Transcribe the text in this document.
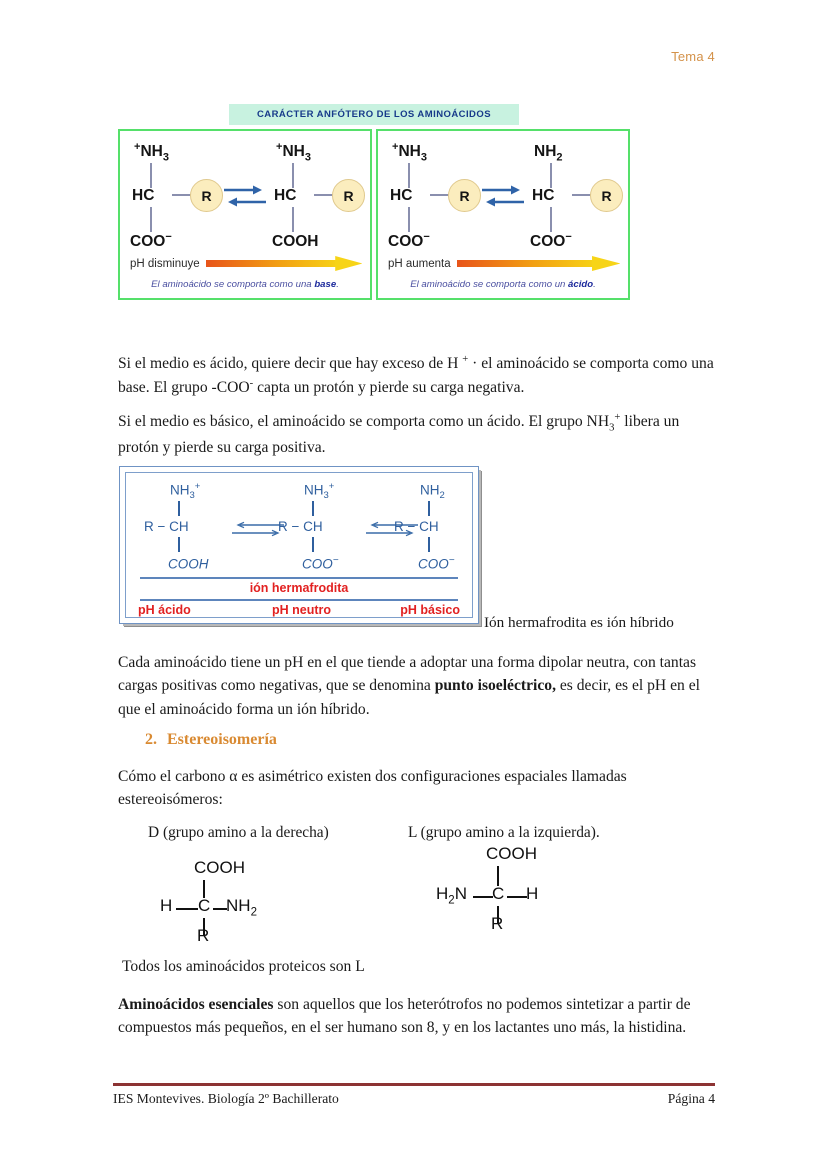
Tema 4
CARÁCTER ANFÓTERO DE LOS AMINOÁCIDOS
$^+NH_3$
HC	R
COO−
$^+NH_3$
HC	R
COOH
pH disminuye
El aminoácido se comporta como una base.
$^+NH_3$
HC	R
COO−
$NH_2$
HC	R
COO−
pH aumenta
El aminoácido se comporta como un ácido.
Si el medio es ácido, quiere decir que hay exceso de H + · el aminoácido se comporta como una base. El grupo -COO- capta un protón y pierde su carga negativa.
Si el medio es básico, el aminoácido se comporta como un ácido. El grupo $NH_3^+$ libera un protón y pierde su carga positiva.
$NH_3^+$
R − CH
COOH
$NH_3^+$
R − CH
COO−
$NH_2$
R − CH
COO−
ión hermafrodita
pH ácido	pH neutro	pH básico
Ión hermafrodita es ión híbrido
Cada aminoácido tiene un pH en el que tiende a adoptar una forma dipolar neutra, con tantas cargas positivas como negativas, que se denomina punto isoeléctrico, es decir, es el pH en el que el aminoácido forma un ión híbrido.
2. Estereoisomería
Cómo el carbono α es asimétrico existen dos configuraciones espaciales llamadas estereoisómeros:
D (grupo amino a la derecha)	L (grupo amino a la izquierda).
COOH
H C $NH_2$
R
COOH
$H_2N$ C H
R
Todos los aminoácidos proteicos son L
Aminoácidos esenciales son aquellos que los heterótrofos no podemos sintetizar a partir de compuestos más pequeños, en el ser humano son 8, y en los lactantes uno más, la histidina.
IES Montevives. Biología 2º Bachillerato	Página 4
